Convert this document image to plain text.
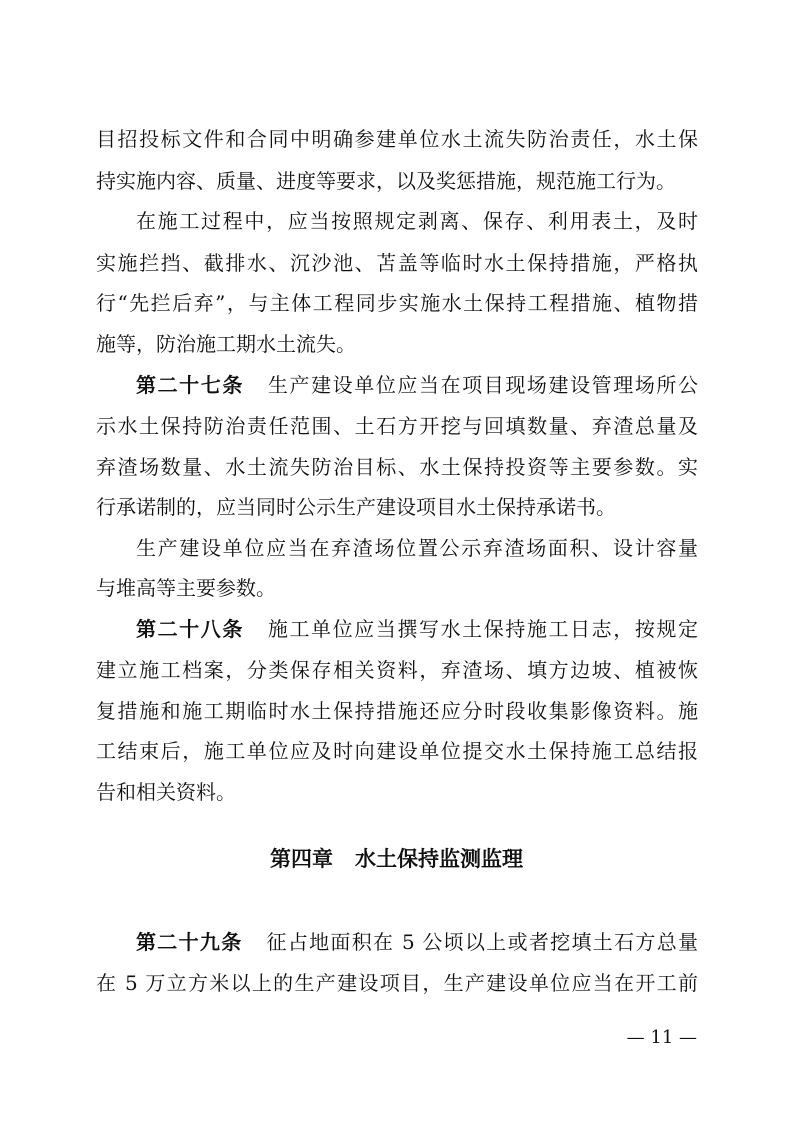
目招投标文件和合同中明确参建单位水土流失防治责任，水土保
持实施内容、质量、进度等要求，以及奖惩措施，规范施工行为。
在施工过程中，应当按照规定剥离、保存、利用表土，及时
实施拦挡、截排水、沉沙池、苫盖等临时水土保持措施，严格执
行“先拦后弃”，与主体工程同步实施水土保持工程措施、植物措
施等，防治施工期水土流失。
第二十七条 生产建设单位应当在项目现场建设管理场所公
示水土保持防治责任范围、土石方开挖与回填数量、弃渣总量及
弃渣场数量、水土流失防治目标、水土保持投资等主要参数。实
行承诺制的，应当同时公示生产建设项目水土保持承诺书。
生产建设单位应当在弃渣场位置公示弃渣场面积、设计容量
与堆高等主要参数。
第二十八条 施工单位应当撰写水土保持施工日志，按规定
建立施工档案，分类保存相关资料，弃渣场、填方边坡、植被恢
复措施和施工期临时水土保持措施还应分时段收集影像资料。施
工结束后，施工单位应及时向建设单位提交水土保持施工总结报
第四章 水土保持监测监理
第二十九条 征占地面积在 5 公顷以上或者挖填土石方总量
在 5 万立方米以上的生产建设项目，生产建设单位应当在开工前
— 11 —
告和相关资料。
